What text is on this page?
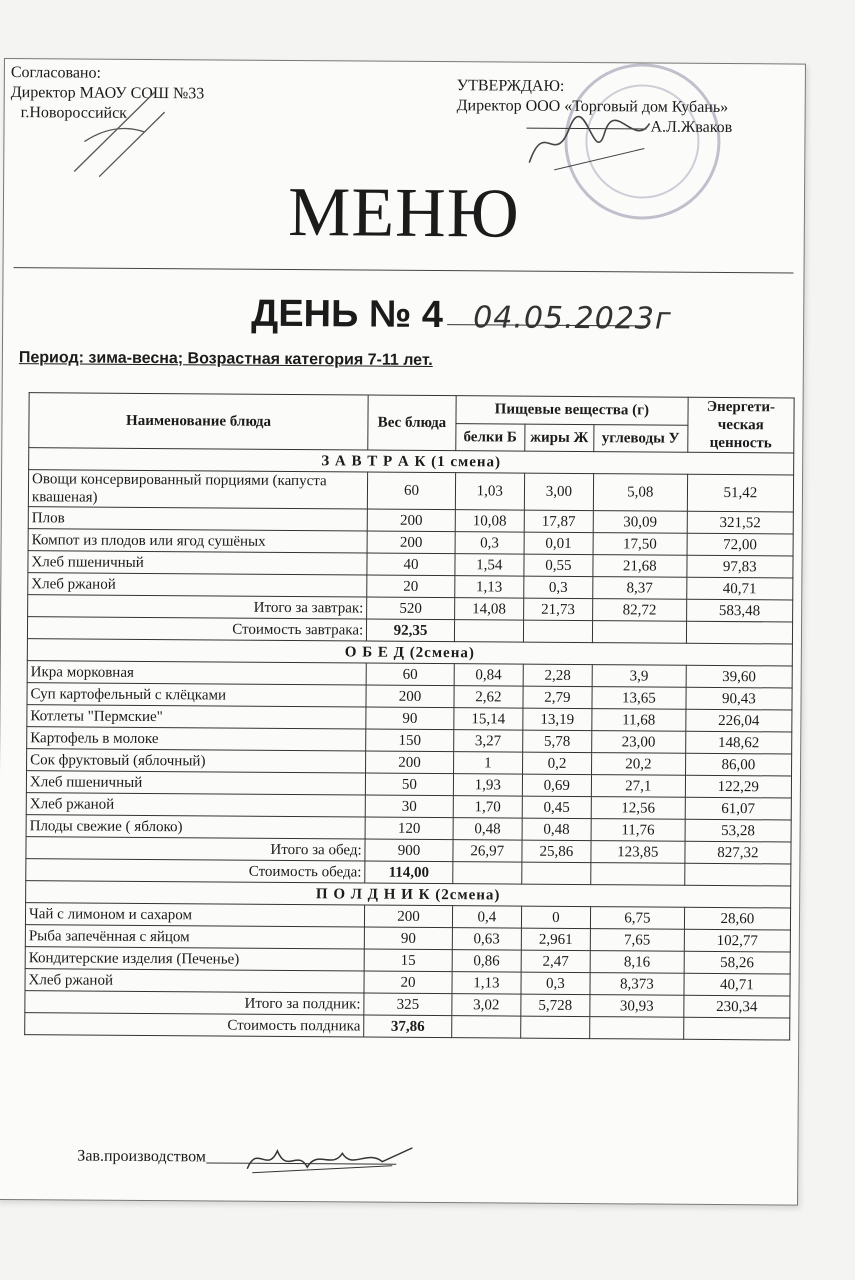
Согласовано:
Директор МАОУ СОШ №33
г.Новороссийск
УТВЕРЖДАЮ:
Директор ООО «Торговый дом Кубань»
А.Л.Жваков
МЕНЮ
ДЕНЬ № 4 04.05.2023г
Период: зима-весна; Возрастная категория 7-11 лет.
Наименование блюда	Вес блюда	Пищевые вещества (г)			Энергети-ческая ценность
		белки Б	жиры Ж	углеводы У	
З А В Т Р А К (1 смена)					
Овощи консервированный порциями (капуста квашеная)	60	1,03	3,00	5,08	51,42
Плов	200	10,08	17,87	30,09	321,52
Компот из плодов или ягод сушёных	200	0,3	0,01	17,50	72,00
Хлеб пшеничный	40	1,54	0,55	21,68	97,83
Хлеб ржаной	20	1,13	0,3	8,37	40,71
Итого за завтрак:	520	14,08	21,73	82,72	583,48
Стоимость завтрака:	92,35				
О Б Е Д (2смена)					
Икра морковная	60	0,84	2,28	3,9	39,60
Суп картофельный с клёцками	200	2,62	2,79	13,65	90,43
Котлеты "Пермские"	90	15,14	13,19	11,68	226,04
Картофель в молоке	150	3,27	5,78	23,00	148,62
Сок фруктовый (яблочный)	200	1	0,2	20,2	86,00
Хлеб пшеничный	50	1,93	0,69	27,1	122,29
Хлеб ржаной	30	1,70	0,45	12,56	61,07
Плоды свежие ( яблоко)	120	0,48	0,48	11,76	53,28
Итого за обед:	900	26,97	25,86	123,85	827,32
Стоимость обеда:	114,00				
П О Л Д Н И К (2смена)					
Чай с лимоном и сахаром	200	0,4	0	6,75	28,60
Рыба запечённая с яйцом	90	0,63	2,961	7,65	102,77
Кондитерские изделия (Печенье)	15	0,86	2,47	8,16	58,26
Хлеб ржаной	20	1,13	0,3	8,373	40,71
Итого за полдник:	325	3,02	5,728	30,93	230,34
Стоимость полдника	37,86				
Зав.производством
